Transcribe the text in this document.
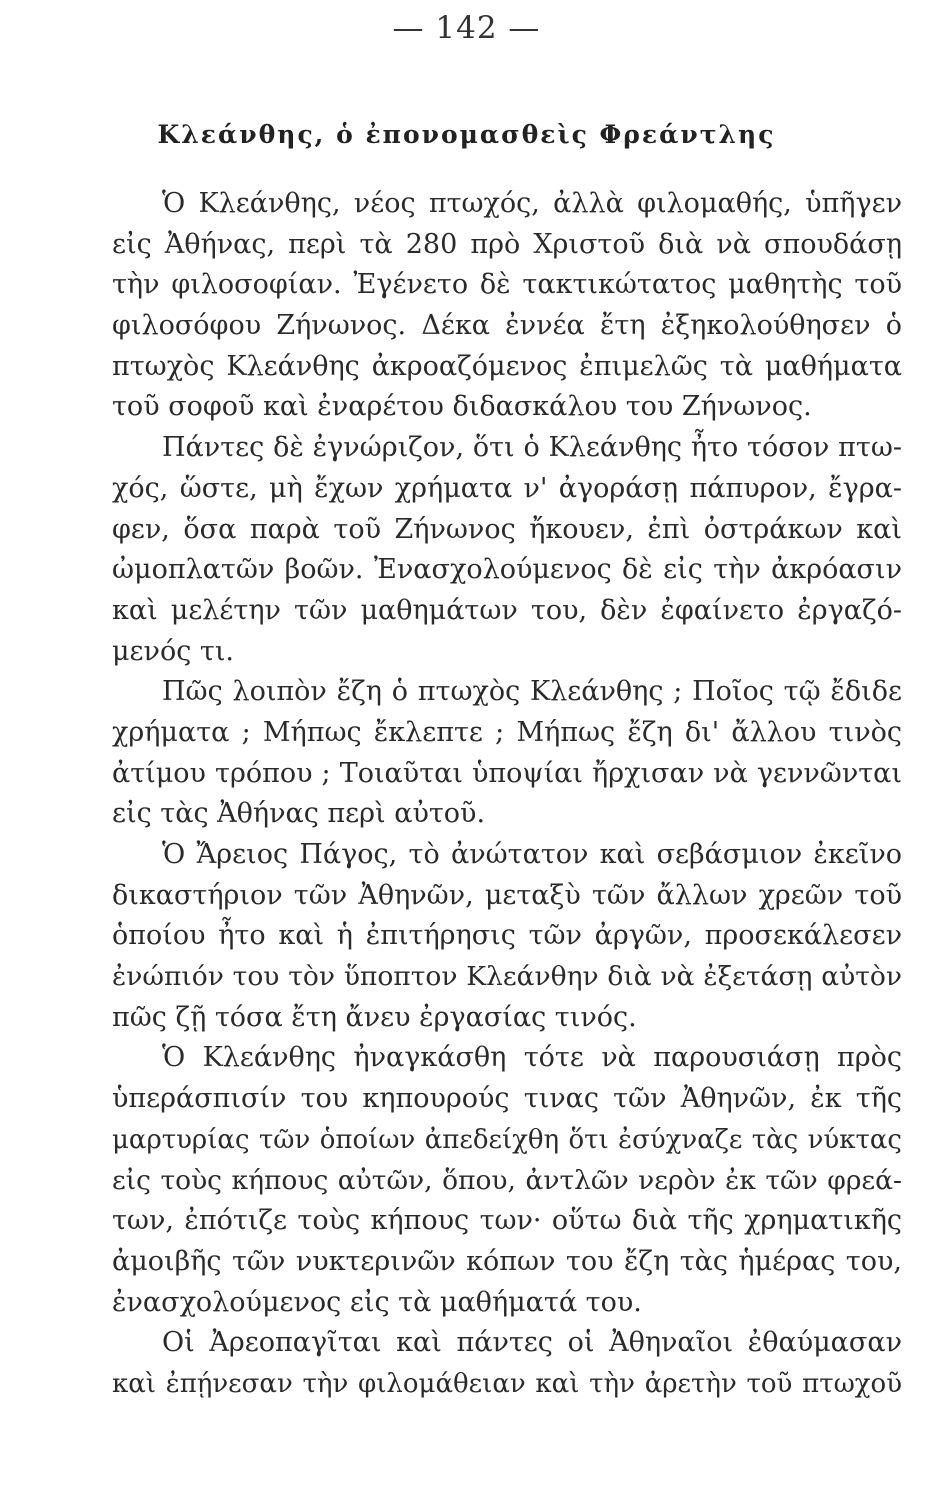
— 142 —
Κλεάνθης, ὁ ἐπονομασθεὶς Φρεάντλης
Ὁ Κλεάνθης, νέος πτωχός, ἀλλὰ φιλομαθής, ὑπῆγεν
εἰς Ἀθήνας, περὶ τὰ 280 πρὸ Χριστοῦ διὰ νὰ σπουδάσῃ
τὴν φιλοσοφίαν. Ἐγένετο δὲ τακτικώτατος μαθητὴς τοῦ
φιλοσόφου Ζήνωνος. Δέκα ἐννέα ἔτη ἐξηκολούθησεν ὁ
πτωχὸς Κλεάνθης ἀκροαζόμενος ἐπιμελῶς τὰ μαθήματα
τοῦ σοφοῦ καὶ ἐναρέτου διδασκάλου του Ζήνωνος.
Πάντες δὲ ἐγνώριζον, ὅτι ὁ Κλεάνθης ἦτο τόσον πτω-
χός, ὥστε, μὴ ἔχων χρήματα ν' ἀγοράσῃ πάπυρον, ἔγρα-
φεν, ὅσα παρὰ τοῦ Ζήνωνος ἤκουεν, ἐπὶ ὀστράκων καὶ
ὠμοπλατῶν βοῶν. Ἐνασχολούμενος δὲ εἰς τὴν ἀκρόασιν
καὶ μελέτην τῶν μαθημάτων του, δὲν ἐφαίνετο ἐργαζό-
μενός τι.
Πῶς λοιπὸν ἔζη ὁ πτωχὸς Κλεάνθης ; Ποῖος τῷ ἔδιδε
χρήματα ; Μήπως ἔκλεπτε ; Μήπως ἔζη δι' ἄλλου τινὸς
ἀτίμου τρόπου ; Τοιαῦται ὑποψίαι ἤρχισαν νὰ γεννῶνται
εἰς τὰς Ἀθήνας περὶ αὐτοῦ.
Ὁ Ἄρειος Πάγος, τὸ ἀνώτατον καὶ σεβάσμιον ἐκεῖνο
δικαστήριον τῶν Ἀθηνῶν, μεταξὺ τῶν ἄλλων χρεῶν τοῦ
ὁποίου ἦτο καὶ ἡ ἐπιτήρησις τῶν ἀργῶν, προσεκάλεσεν
ἐνώπιόν του τὸν ὕποπτον Κλεάνθην διὰ νὰ ἐξετάσῃ αὐτὸν
πῶς ζῇ τόσα ἔτη ἄνευ ἐργασίας τινός.
Ὁ Κλεάνθης ἠναγκάσθη τότε νὰ παρουσιάσῃ πρὸς
ὑπεράσπισίν του κηπουρούς τινας τῶν Ἀθηνῶν, ἐκ τῆς
μαρτυρίας τῶν ὁποίων ἀπεδείχθη ὅτι ἐσύχναζε τὰς νύκτας
εἰς τοὺς κήπους αὐτῶν, ὅπου, ἀντλῶν νερὸν ἐκ τῶν φρεά-
των, ἐπότιζε τοὺς κήπους των· οὕτω διὰ τῆς χρηματικῆς
ἀμοιβῆς τῶν νυκτερινῶν κόπων του ἔζη τὰς ἡμέρας του,
ἐνασχολούμενος εἰς τὰ μαθήματά του.
Οἱ Ἀρεοπαγῖται καὶ πάντες οἱ Ἀθηναῖοι ἐθαύμασαν
καὶ ἐπῄνεσαν τὴν φιλομάθειαν καὶ τὴν ἀρετὴν τοῦ πτωχοῦ
